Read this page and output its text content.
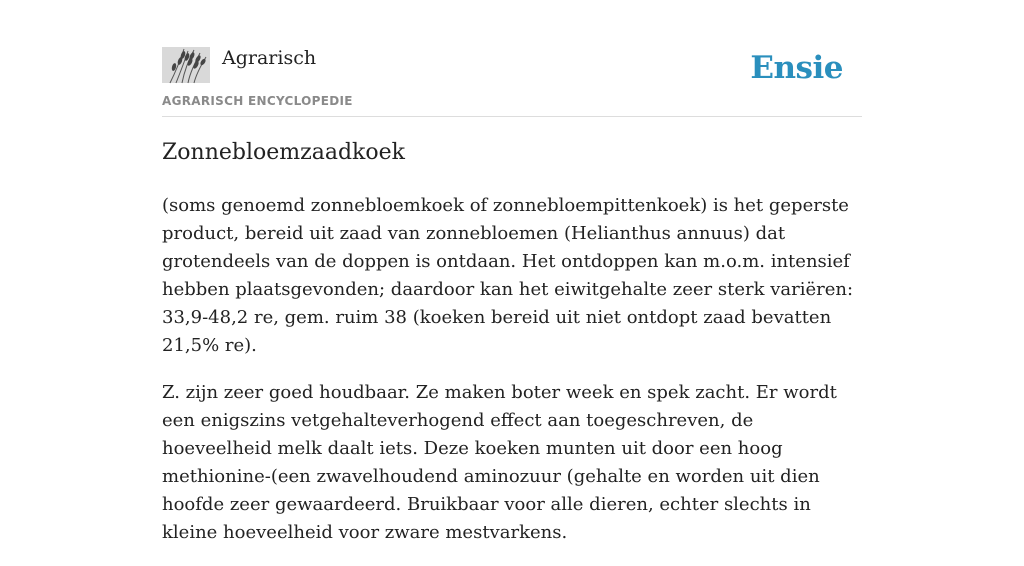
Agrarisch
AGRARISCH ENCYCLOPEDIE
Ensie
Zonnebloemzaadkoek

(soms genoemd zonnebloemkoek of zonnebloempittenkoek) is het geperste product, bereid uit zaad van zonnebloemen (Helianthus annuus) dat grotendeels van de doppen is ontdaan. Het ontdoppen kan m.o.m. intensief hebben plaatsgevonden; daardoor kan het eiwitgehalte zeer sterk variëren: 33,9-48,2 re, gem. ruim 38 (koeken bereid uit niet ontdopt zaad bevatten 21,5% re).

Z. zijn zeer goed houdbaar. Ze maken boter week en spek zacht. Er wordt een enigszins vetgehalteverhogend effect aan toegeschreven, de hoeveelheid melk daalt iets. Deze koeken munten uit door een hoog methionine-(een zwavelhoudend aminozuur (gehalte en worden uit dien hoofde zeer gewaardeerd. Bruikbaar voor alle dieren, echter slechts in kleine hoeveelheid voor zware mestvarkens.
